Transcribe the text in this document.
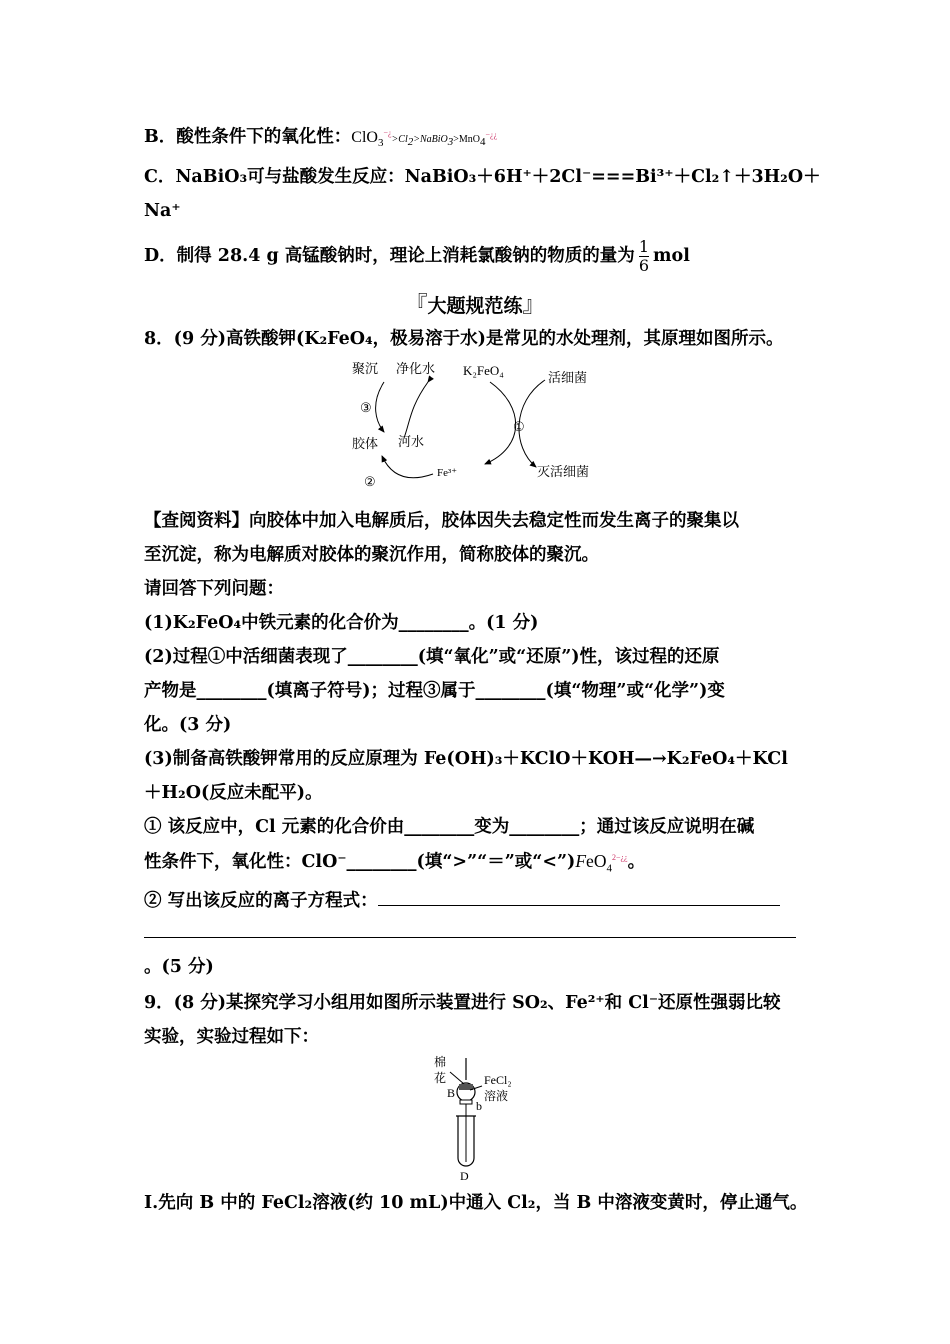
B．酸性条件下的氧化性：$ClO_3^{-¿}>Cl_2>NaBiO_3>MnO_4^{-¿¿}$
C．NaBiO₃可与盐酸发生反应：NaBiO₃＋6H⁺＋2Cl⁻===Bi³⁺＋Cl₂↑＋3H₂O＋
Na⁺
D．制得 28.4 g 高锰酸钠时，理论上消耗氯酸钠的物质的量为 $\frac{1}{6}$ mol
『大题规范练』
8．(9 分)高铁酸钾(K₂FeO₄，极易溶于水)是常见的水处理剂，其原理如图所示。
聚沉 净化水 K₂FeO₄	活细菌
③
①
胶体 河水
Fe³⁺
②
灭活细菌
【查阅资料】向胶体中加入电解质后，胶体因失去稳定性而发生离子的聚集以
至沉淀，称为电解质对胶体的聚沉作用，简称胶体的聚沉。
请回答下列问题：
(1)K₂FeO₄中铁元素的化合价为________。(1 分)
(2)过程①中活细菌表现了________(填“氧化”或“还原”)性，该过程的还原
产物是________(填离子符号)；过程③属于________(填“物理”或“化学”)变
化。(3 分)
(3)制备高铁酸钾常用的反应原理为 Fe(OH)₃＋KClO＋KOH—→K₂FeO₄＋KCl
＋H₂O(反应未配平)。
① 该反应中，Cl 元素的化合价由________变为________；通过该反应说明在碱
性条件下，氧化性：ClO⁻________(填“>”“＝”或“<”)FeO$_4^{2-¿¿}$。
② 写出该反应的离子方程式：
。(5 分)
9．(8 分)某探究学习小组用如图所示装置进行 SO₂、Fe²⁺和 Cl⁻还原性强弱比较
实验，实验过程如下：
棉
花	FeCl₂
溶液
B
b
D
Ⅰ.先向 B 中的 FeCl₂溶液(约 10 mL)中通入 Cl₂，当 B 中溶液变黄时，停止通气。
